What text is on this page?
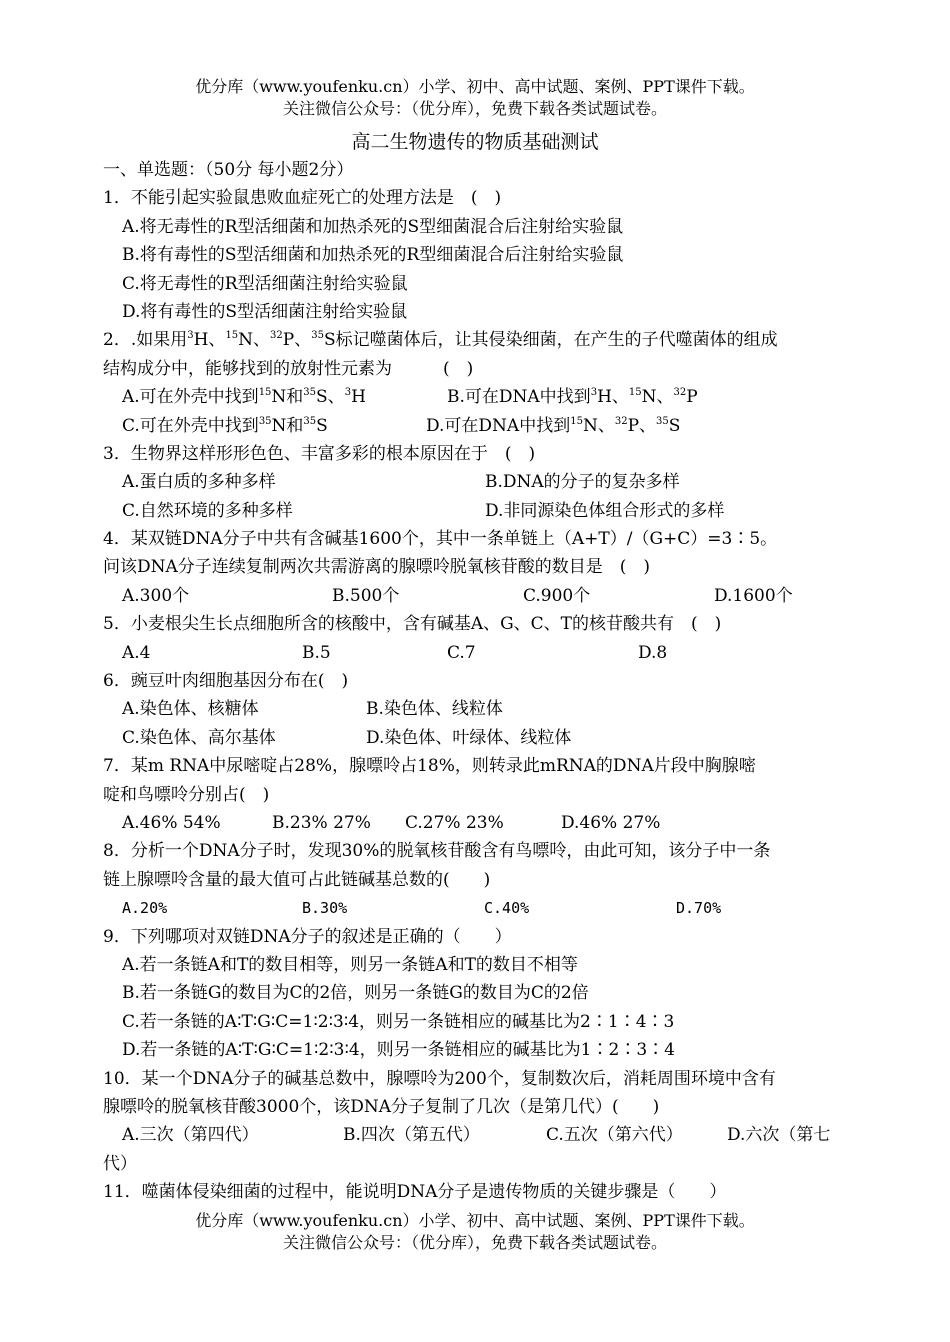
优分库（www.youfenku.cn）小学、初中、高中试题、案例、PPT课件下载。
关注微信公众号：（优分库），免费下载各类试题试卷。
高二生物遗传的物质基础测试
一、单选题：（50分 每小题2分）
1．不能引起实验鼠患败血症死亡的处理方法是　(　)
A.将无毒性的R型活细菌和加热杀死的S型细菌混合后注射给实验鼠
B.将有毒性的S型活细菌和加热杀死的R型细菌混合后注射给实验鼠
C.将无毒性的R型活细菌注射给实验鼠
D.将有毒性的S型活细菌注射给实验鼠
2．.如果用$^3$H、$^{15}$N、$^{32}$P、$^{35}$S标记噬菌体后，让其侵染细菌，在产生的子代噬菌体的组成
结构成分中，能够找到的放射性元素为　　　(　)
A.可在外壳中找到$^{15}$N和$^{35}$S、$^3$H	B.可在DNA中找到$^3$H、$^{15}$N、$^{32}$P
C.可在外壳中找到$^{35}$N和$^{35}$S	D.可在DNA中找到$^{15}$N、$^{32}$P、$^{35}$S
3．生物界这样形形色色、丰富多彩的根本原因在于　(　)
A.蛋白质的多种多样	B.DNA的分子的复杂多样
C.自然环境的多种多样	D.非同源染色体组合形式的多样
4．某双链DNA分子中共有含碱基1600个，其中一条单链上（A+T）/（G+C）=3∶5。
问该DNA分子连续复制两次共需游离的腺嘌呤脱氧核苷酸的数目是　(　)
A.300个	B.500个	C.900个	D.1600个
5．小麦根尖生长点细胞所含的核酸中，含有碱基A、G、C、T的核苷酸共有　(　)
A.4	B.5	C.7	D.8
6．豌豆叶肉细胞基因分布在(　)
A.染色体、核糖体	B.染色体、线粒体
C.染色体、高尔基体	D.染色体、叶绿体、线粒体
7．某m RNA中尿嘧啶占28%，腺嘌呤占18%，则转录此mRNA的DNA片段中胸腺嘧
啶和鸟嘌呤分别占(　)
A.46% 54%	B.23% 27% C.27% 23%	D.46% 27%
8．分析一个DNA分子时，发现30%的脱氧核苷酸含有鸟嘌呤，由此可知，该分子中一条
链上腺嘌呤含量的最大值可占此链碱基总数的(　　)
A.20%	B.30%	C.40%	D.70%
9．下列哪项对双链DNA分子的叙述是正确的（　　）
A.若一条链A和T的数目相等，则另一条链A和T的数目不相等
B.若一条链G的数目为C的2倍，则另一条链G的数目为C的2倍
C.若一条链的A∶T∶G∶C=1∶2∶3∶4，则另一条链相应的碱基比为2∶1∶4∶3
D.若一条链的A∶T∶G∶C=1∶2∶3∶4，则另一条链相应的碱基比为1∶2∶3∶4
10．某一个DNA分子的碱基总数中，腺嘌呤为200个，复制数次后，消耗周围环境中含有
腺嘌呤的脱氧核苷酸3000个，该DNA分子复制了几次（是第几代）(　　)
A.三次（第四代）	B.四次（第五代）	C.五次（第六代）	D.六次（第七
代）
11．噬菌体侵染细菌的过程中，能说明DNA分子是遗传物质的关键步骤是（　　）
优分库（www.youfenku.cn）小学、初中、高中试题、案例、PPT课件下载。
关注微信公众号：（优分库），免费下载各类试题试卷。
